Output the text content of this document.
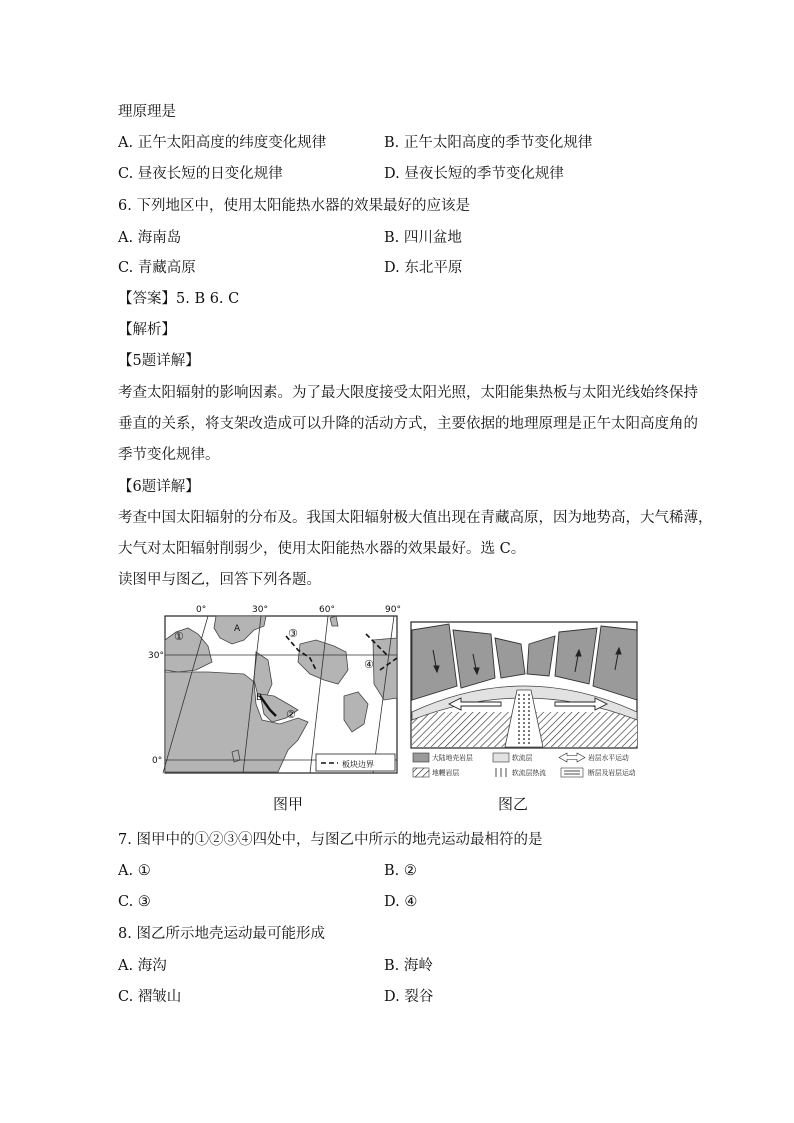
理原理是
A. 正午太阳高度的纬度变化规律	B. 正午太阳高度的季节变化规律
C. 昼夜长短的日变化规律	D. 昼夜长短的季节变化规律
6. 下列地区中，使用太阳能热水器的效果最好的应该是
A. 海南岛	B. 四川盆地
C. 青藏高原	D. 东北平原
【答案】5. B 6. C
【解析】
【5题详解】
考查太阳辐射的影响因素。为了最大限度接受太阳光照，太阳能集热板与太阳光线始终保持
垂直的关系，将支架改造成可以升降的活动方式，主要依据的地理原理是正午太阳高度角的
季节变化规律。
【6题详解】
考查中国太阳辐射的分布及。我国太阳辐射极大值出现在青藏高原，因为地势高，大气稀薄，
大气对太阳辐射削弱少，使用太阳能热水器的效果最好。选 C。
读图甲与图乙，回答下列各题。
板块边界
0°	30°	60°	90°
30°
0°
A
B
①
②
③
④
图甲
大陆地壳岩层	软流层	岩层水平运动
地幔岩层	软流层热流	断层及岩层运动
图乙
7. 图甲中的①②③④四处中，与图乙中所示的地壳运动最相符的是
A. ①	B. ②
C. ③	D. ④
8. 图乙所示地壳运动最可能形成
A. 海沟	B. 海岭
C. 褶皱山	D. 裂谷
